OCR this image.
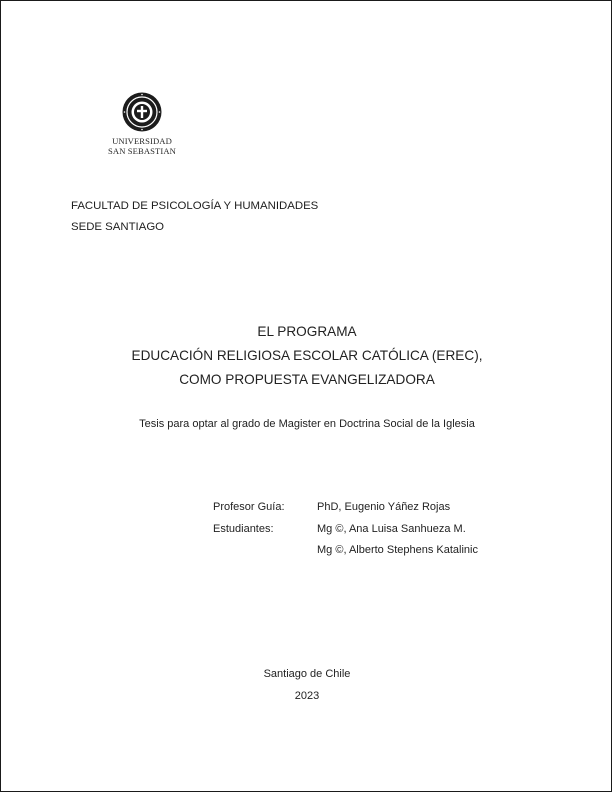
UNIVERSIDAD
SAN SEBASTIAN
FACULTAD DE PSICOLOGÍA Y HUMANIDADES
SEDE SANTIAGO
EL PROGRAMA
EDUCACIÓN RELIGIOSA ESCOLAR CATÓLICA (EREC),
COMO PROPUESTA EVANGELIZADORA
Tesis para optar al grado de Magister en Doctrina Social de la Iglesia
Profesor Guía:	PhD, Eugenio Yáñez Rojas
Estudiantes:	Mg ©, Ana Luisa Sanhueza M.
Mg ©, Alberto Stephens Katalinic
Santiago de Chile
2023
